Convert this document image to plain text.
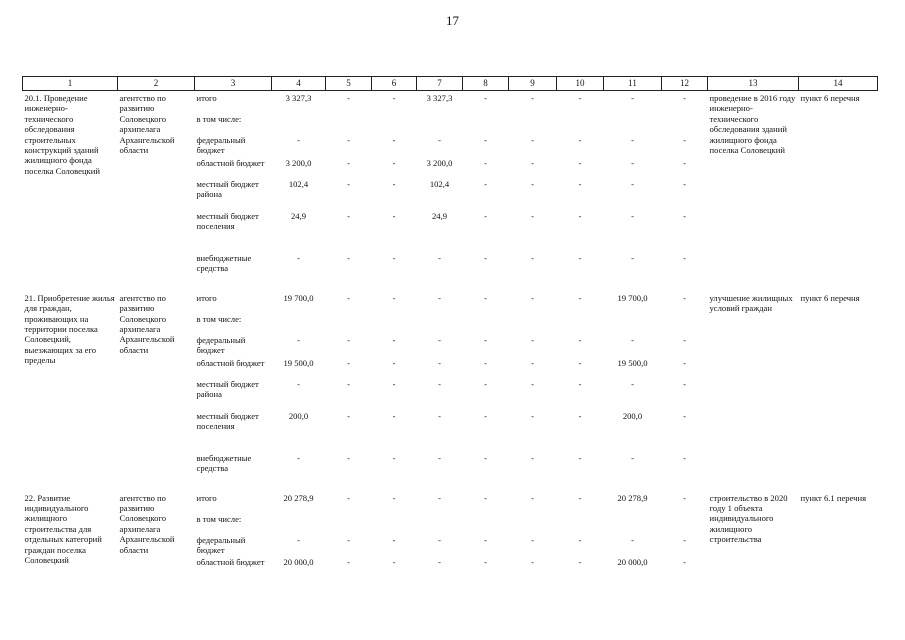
17
1	2	3	4	5	6	7	8	9	10	11	12	13	14
20.1. Проведение инженерно-технического обследования строительных конструкций зданий жилищного фонда поселка Соловецкий	агентство по развитию Соловецкого архипелага Архангельской области	итого	3 327,3	-	-	3 327,3	-	-	-	-	-	проведение в 2016 году инженерно-технического обследования зданий жилищного фонда поселка Соловецкий	пункт 6 перечня
		в том числе:											
		федеральный бюджет	-	-	-	-	-	-	-	-	-		
		областной бюджет	3 200,0	-	-	3 200,0	-	-	-	-	-		
		местный бюджет района	102,4	-	-	102,4	-	-	-	-	-		
		местный бюджет поселения	24,9	-	-	24,9	-	-	-	-	-		
		внебюджетные средства	-	-	-	-	-	-	-	-	-		

21. Приобретение жилья для граждан, проживающих на территории поселка Соловецкий, выезжающих за его пределы	агентство по развитию Соловецкого архипелага Архангельской области	итого	19 700,0	-	-	-	-	-	-	19 700,0	-	улучшение жилищных условий граждан	пункт 6 перечня
		в том числе:											
		федеральный бюджет	-	-	-	-	-	-	-	-	-		
		областной бюджет	19 500,0	-	-	-	-	-	-	19 500,0	-		
		местный бюджет района	-	-	-	-	-	-	-	-	-		
		местный бюджет поселения	200,0	-	-	-	-	-	-	200,0	-		
		внебюджетные средства	-	-	-	-	-	-	-	-	-		

22. Развитие индивидуального жилищного строительства для отдельных категорий граждан поселка Соловецкий	агентство по развитию Соловецкого архипелага Архангельской области	итого	20 278,9	-	-	-	-	-	-	20 278,9	-	строительство в 2020 году 1 объекта индивидуального жилищного строительства	пункт 6.1 перечня
		в том числе:											
		федеральный бюджет	-	-	-	-	-	-	-	-	-		
		областной бюджет	20 000,0	-	-	-	-	-	-	20 000,0	-		
